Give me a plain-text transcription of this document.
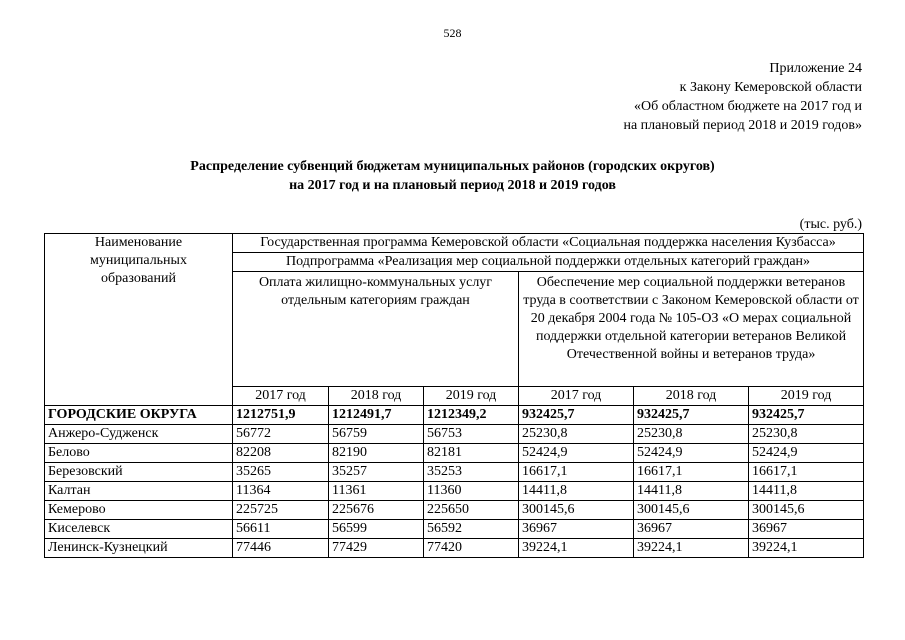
528
Приложение 24
к Закону Кемеровской области
«Об областном бюджете на 2017 год и
на плановый период 2018 и 2019 годов»
Распределение субвенций бюджетам муниципальных районов (городских округов)
на 2017 год и на плановый период 2018 и 2019 годов
(тыс. руб.)
Наименование муниципальных образований	Государственная программа Кемеровской области «Социальная поддержка населения Кузбасса»					
	Подпрограмма «Реализация мер социальной поддержки отдельных категорий граждан»					
	Оплата жилищно-коммунальных услуг отдельным категориям граждан			Обеспечение мер социальной поддержки ветеранов труда в соответствии с Законом Кемеровской области от 20 декабря 2004 года № 105-ОЗ «О мерах социальной поддержки отдельной категории ветеранов Великой Отечественной войны и ветеранов труда»		
	2017 год	2018 год	2019 год	2017 год	2018 год	2019 год
ГОРОДСКИЕ ОКРУГА	1212751,9	1212491,7	1212349,2	932425,7	932425,7	932425,7
Анжеро-Судженск	56772	56759	56753	25230,8	25230,8	25230,8
Белово	82208	82190	82181	52424,9	52424,9	52424,9
Березовский	35265	35257	35253	16617,1	16617,1	16617,1
Калтан	11364	11361	11360	14411,8	14411,8	14411,8
Кемерово	225725	225676	225650	300145,6	300145,6	300145,6
Киселевск	56611	56599	56592	36967	36967	36967
Ленинск-Кузнецкий	77446	77429	77420	39224,1	39224,1	39224,1
